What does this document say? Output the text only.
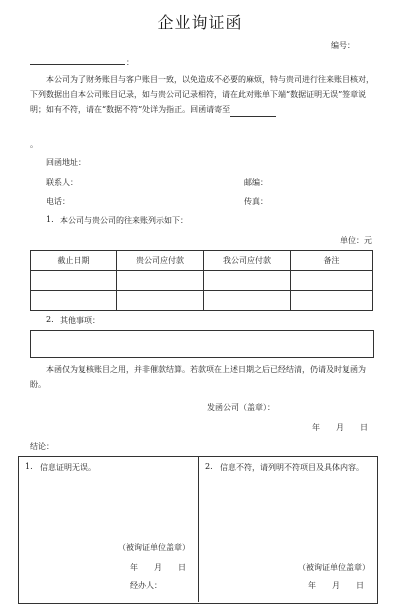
企业询证函
编号：
：
本公司为了财务账目与客户账目一致，以免造成不必要的麻烦，特与贵司进行往来账目核对，下列数据出自本公司账目记录，如与贵公司记录相符，请在此对账单下端“数据证明无误”签章说明；如有不符，请在“数据不符”处详为指正。回函请寄至
。
回函地址：
联系人：	邮编：
电话：	传真：
1. 本公司与贵公司的往来账列示如下：
单位：元
截止日期	贵公司应付款	我公司应付款	备注

2. 其他事项：
本函仅为复核账目之用，并非催款结算。若款项在上述日期之后已经结清，仍请及时复函为盼。
发函公司（盖章）：
年　　月　　日
结论：
1. 信息证明无误。
（被询证单位盖章）
年　　月　　日
经办人：
2. 信息不符，请列明不符项目及具体内容。
（被询证单位盖章）
年　　月　　日
